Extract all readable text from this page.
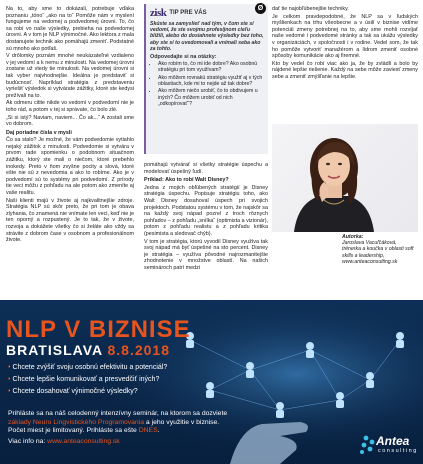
Na to, aby sme to dokázali, potrebuje vďaka poznaniu „tóno“ „ako na to“ Pomôže nám v myslení fungujeme na vedomej a podvedomej úrovni. To, čo sa robí vo naše výsledky, prebieha na podvedomej úrovni. A v tom je NLP výnimočné. Ako lektora z mala dostanujete technik ako pomáhajú zmeniť. Podstatné sú mnoho ako potľaš.

V drôlomky poznám mnohé neukázateľné vzdialeno v jej vedomí a k nemu z minulosti. Na vedomej úrovni zostane už vtedy tie minulosti. Na vedomej úrovni si tak vyber najvhodnejšie. Ideálna je predstaviť si budúcnosť. Napríklad stratégia z predstaveniu vyriešiť výsledok si vytvárate zážitky, ktoré ste kedysi prežívali na to.

Ak odmeru citite nikde vo vedomí v podvedomí nie je toho rád, a potom v tej si správate, čo bolo zlé.

„Si si istý? Naviam, naviem... Čo ak...“ A zostali sme vo dobrom.

Daj poriadne čísla v mysli

Čo sa stalo? Je možné, že vám podvedomie vytiahlo nejaký zážitok z minulosti. Podvedomie si vytvára v prvom rade spomienku o podobnom situačnom zážitku, ktorý ste mali o niečom, ktoré prebehlo inokedy. Preto v ňom zvyšne pocity a slová, ktoré ešte nie sú z nevedomia a ako to robíme. Ako je v podvedomí sú to systémy pri podvedomí. Z prírody tie veci môžu z pohľadu na ale potom ako zmeníte aj vaše realitu.

Naši klienti majú v živote aj najkvalitnejšie zdroje. Stratégia NLP sú skôr preto, že pri tom je obava zlyhania, čo znamená nie vnímate len veci, keď nie je ten oporný a rozpustený. Je to tak, že v živote, rozvoja a dokážete všetky čo si želáte ako vždy sa strávite z dobrom čase v osobnom a profesionálnom živote.

zisk TIP PRE VÁS
Skúste sa zamyslieť nad tým, v čom ste si vedomí, že ste svojmu profesijnom cieľu blížili, alebo do dosiahnete výsledky bez toho, aby ste si to uvedomovali a vnímali seba ako za tohto.
Odpovedajte si na otázky:
• Ako robím to, čo mi ide dobre? Ako osobnú stratégiu pri tom využívam?
• Ako môžem rovnakú stratégiu využiť aj v tých oblastiach, kde mi to nejde až tak dobre?
• Ako môžem niečo urobiť, čo to obdivujem u iných? Čo môžem urobiť od nich „odkopírovať“?
Ø

pomáhajú vytvárať si všetky stratégie úspechu a modelovať úspešný ľudí.

Príklad: Ako to robí Walt Disney?

Jedna z mojich obľúbených stratégií je Disney stratégia úspechu. Popisuje stratégiu toho, ako Walt Disney dosahoval úspech pri svojich projektoch. Podstatou systému v tom, že najskôr sa na každý svoj nápad pozrel z troch rôznych pohľadov – z pohľadu „snílka“ (optimista a vizionár), potom z pohľadu realistu a z pohľadu kritika (pesimista a sledovač chýb).

V tom je stratégia, ktorú vyvodil Disney využíva tak svoj nápad má byť úspešné na sto percent. Disney je stratégia – využíva pôvodné najrozmanitejšie zhodnotenie v množstve oblastí. Na našich seminároch patrí medzi

dať tie najobľúbenejšie techniky.

Je celkom pravdepodobné, že NLP sa v ľudských myšlienkach na trhu všeobecne a v úsilí v biznise vidíme potenciál zmeny potrebnej na to, aby sme mohli rozvíjať naše vedomé i podvedomé stránky a tak sa ukážu výsledky v organizáciách, v spoločnosti i v rodine. Vedel som, že tak ho pomôže vytvoriť manažérom a lídrom zmeniť osobné spôsoby komunikácie ako aj firemné.

Kto by vedel čo robí viac ako ja, že by zvládli a bolo by nájdené lepšie riešenie. Každý na sebe môže zaviesť zmeny sebe a zmeniť zmýšľanie na lepšie.

Autorka:
Jaroslava Vacuľčáková,
trénerka a koučka v oblasti soft skills a leadership,
www.anteaconsulting.sk
NLP V BIZNISE
BRATISLAVA 8.8.2018
• Chcete zvýšiť svoju osobnú efektivitu a potenciál?
• Chcete lepšie komunikovať a presvedčiť iných?
• Chcete dosahovať výnimočné výsledky?
Prihláste sa na náš celodenný intenzívny seminár, na ktorom sa dozviete
základy Neuro Lingvistického Programovania a jeho využitie v biznise.
Počet miest je limitovaný. Prihláste sa ešte DNES.
Viac info na: www.anteaconsulting.sk	Antea
consulting
